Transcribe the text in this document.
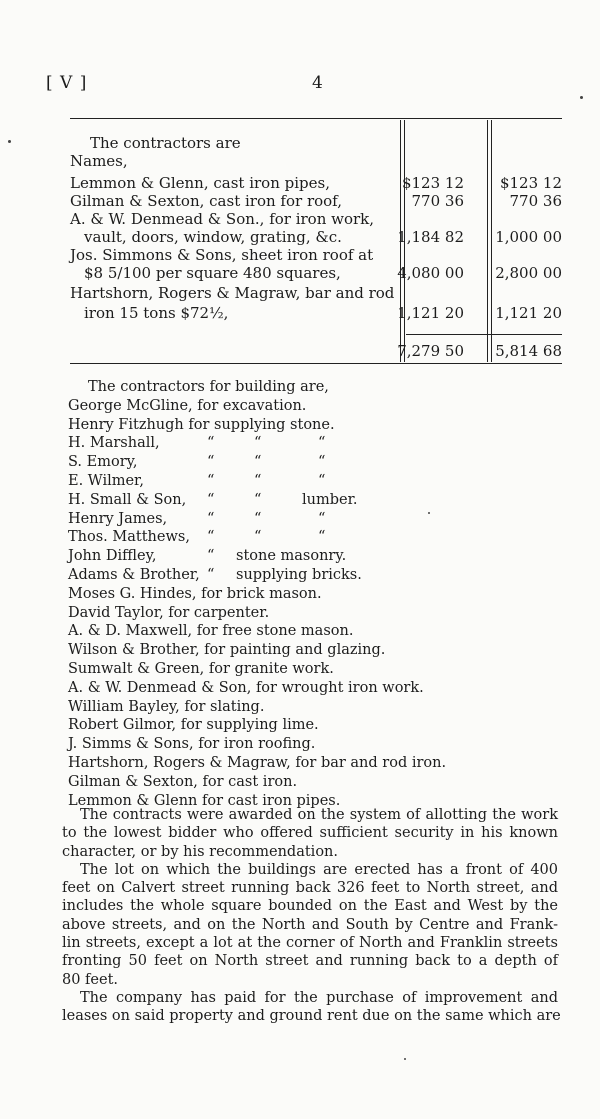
[ V ]	4
The contractors are
Names,
Lemmon & Glenn, cast iron pipes,	$123 12 $123 12
Gilman & Sexton, cast iron for roof,	770 36	770 36
A. & W. Denmead & Son., for iron work,
vault, doors, window, grating, &c.	1,184 82 1,000 00
Jos. Simmons & Sons, sheet iron roof at
$8 5/100 per square 480 squares,	4,080 00 2,800 00
Hartshorn, Rogers & Magraw, bar and rod
iron 15 tons $72½,	1,121 20 1,121 20
7,279 50 5,814 68
The contractors for building are,
George McGline, for excavation.
Henry Fitzhugh for supplying stone.
H. Marshall,	“	“	“
S. Emory,	“	“	“
E. Wilmer,	“	“	“
H. Small & Son, “	“	lumber.
Henry James,	“	“	“
Thos. Matthews, “	“	“
John Diffley,	“ stone masonry.
Adams & Brother, “ supplying bricks.
Moses G. Hindes, for brick mason.
David Taylor, for carpenter.
A. & D. Maxwell, for free stone mason.
Wilson & Brother, for painting and glazing.
Sumwalt & Green, for granite work.
A. & W. Denmead & Son, for wrought iron work.
William Bayley, for slating.
Robert Gilmor, for supplying lime.
J. Simms & Sons, for iron roofing.
Hartshorn, Rogers & Magraw, for bar and rod iron.
Gilman & Sexton, for cast iron.
Lemmon & Glenn for cast iron pipes.
The contracts were awarded on the system of allotting the work
to the lowest bidder who offered sufficient security in his known
character, or by his recommendation.
The lot on which the buildings are erected has a front of 400
feet on Calvert street running back 326 feet to North street, and
includes the whole square bounded on the East and West by the
above streets, and on the North and South by Centre and Frank-
lin streets, except a lot at the corner of North and Franklin streets
fronting 50 feet on North street and running back to a depth of
80 feet.
The company has paid for the purchase of improvement and
leases on said property and ground rent due on the same which are
